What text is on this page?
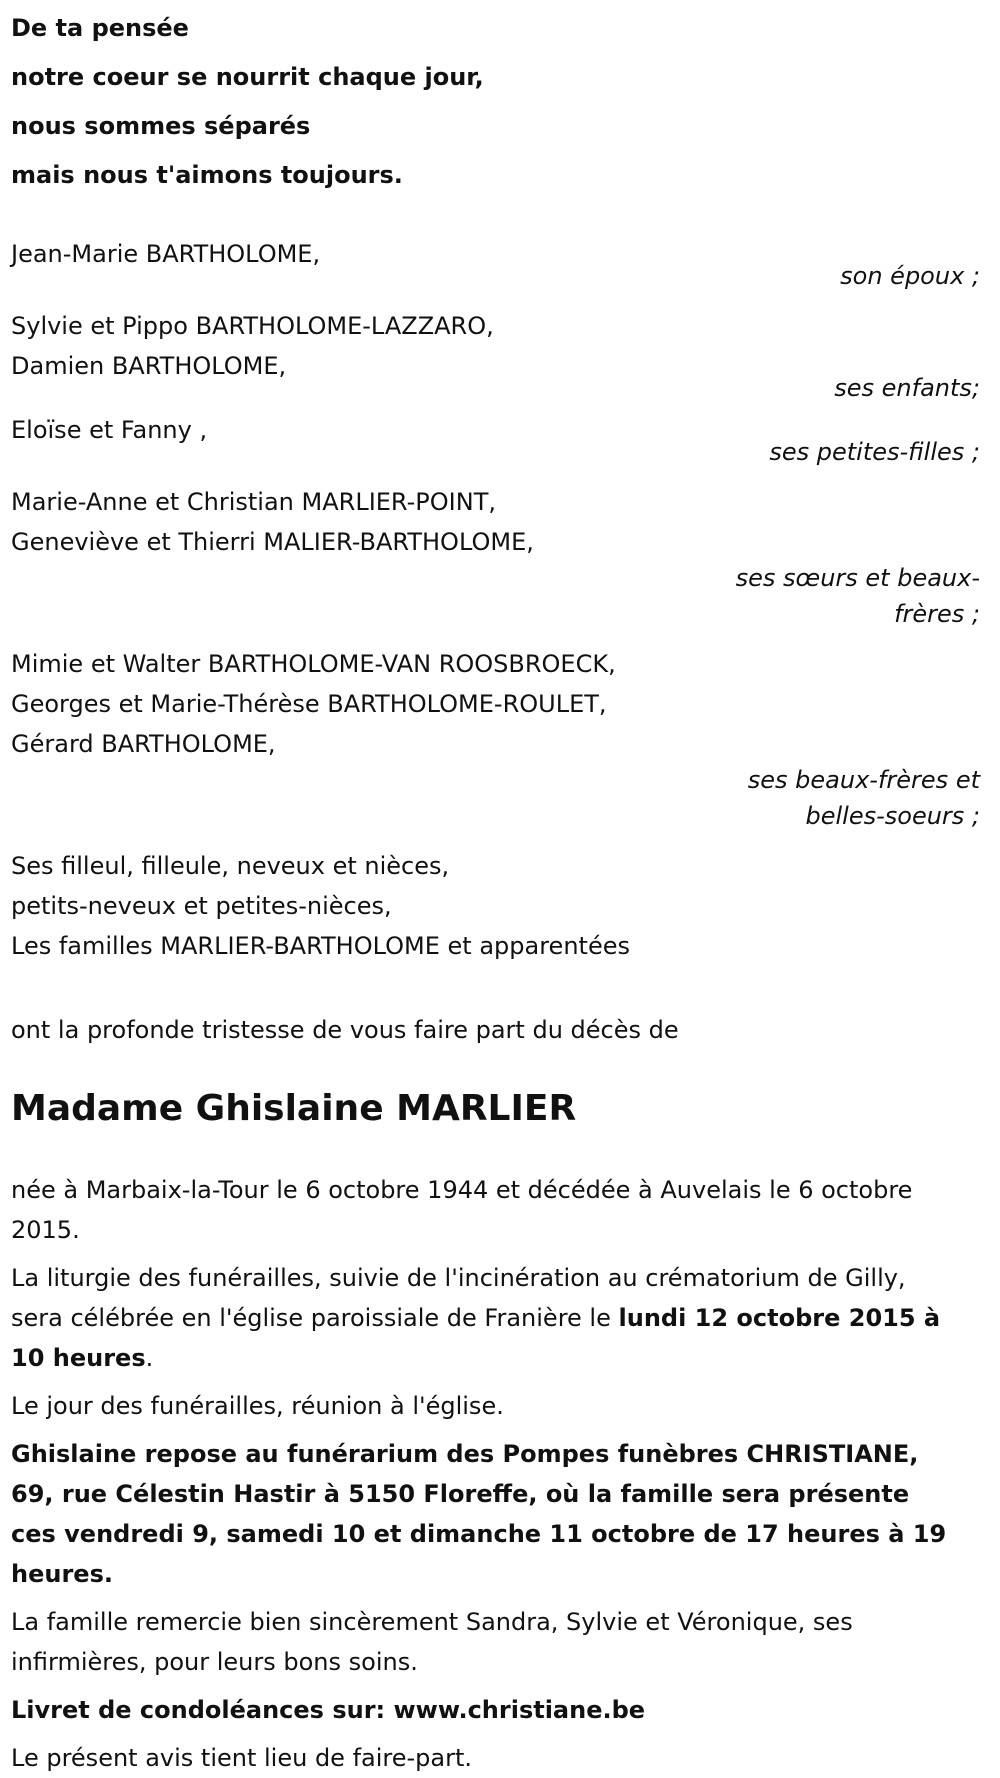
De ta pensée

notre coeur se nourrit chaque jour,

nous sommes séparés

mais nous t'aimons toujours.

Jean-Marie BARTHOLOME,

son époux ;

Sylvie et Pippo BARTHOLOME-LAZZARO,

Damien BARTHOLOME,

ses enfants;

Eloïse et Fanny ,

ses petites-filles ;

Marie-Anne et Christian MARLIER-POINT,

Geneviève et Thierri MALIER-BARTHOLOME,

ses sœurs et beaux-

frères ;

Mimie et Walter BARTHOLOME-VAN ROOSBROECK,

Georges et Marie-Thérèse BARTHOLOME-ROULET,

Gérard BARTHOLOME,

ses beaux-frères et

belles-soeurs ;

Ses filleul, filleule, neveux et nièces,

petits-neveux et petites-nièces,

Les familles MARLIER-BARTHOLOME et apparentées

ont la profonde tristesse de vous faire part du décès de

Madame Ghislaine MARLIER

née à Marbaix-la-Tour le 6 octobre 1944 et décédée à Auvelais le 6 octobre 2015.

La liturgie des funérailles, suivie de l'incinération au crématorium de Gilly, sera célébrée en l'église paroissiale de Franière le lundi 12 octobre 2015 à 10 heures.

Le jour des funérailles, réunion à l'église.

Ghislaine repose au funérarium des Pompes funèbres CHRISTIANE, 69, rue Célestin Hastir à 5150 Floreffe, où la famille sera présente ces vendredi 9, samedi 10 et dimanche 11 octobre de 17 heures à 19 heures.

La famille remercie bien sincèrement Sandra, Sylvie et Véronique, ses infirmières, pour leurs bons soins.

Livret de condoléances sur: www.christiane.be

Le présent avis tient lieu de faire-part.
